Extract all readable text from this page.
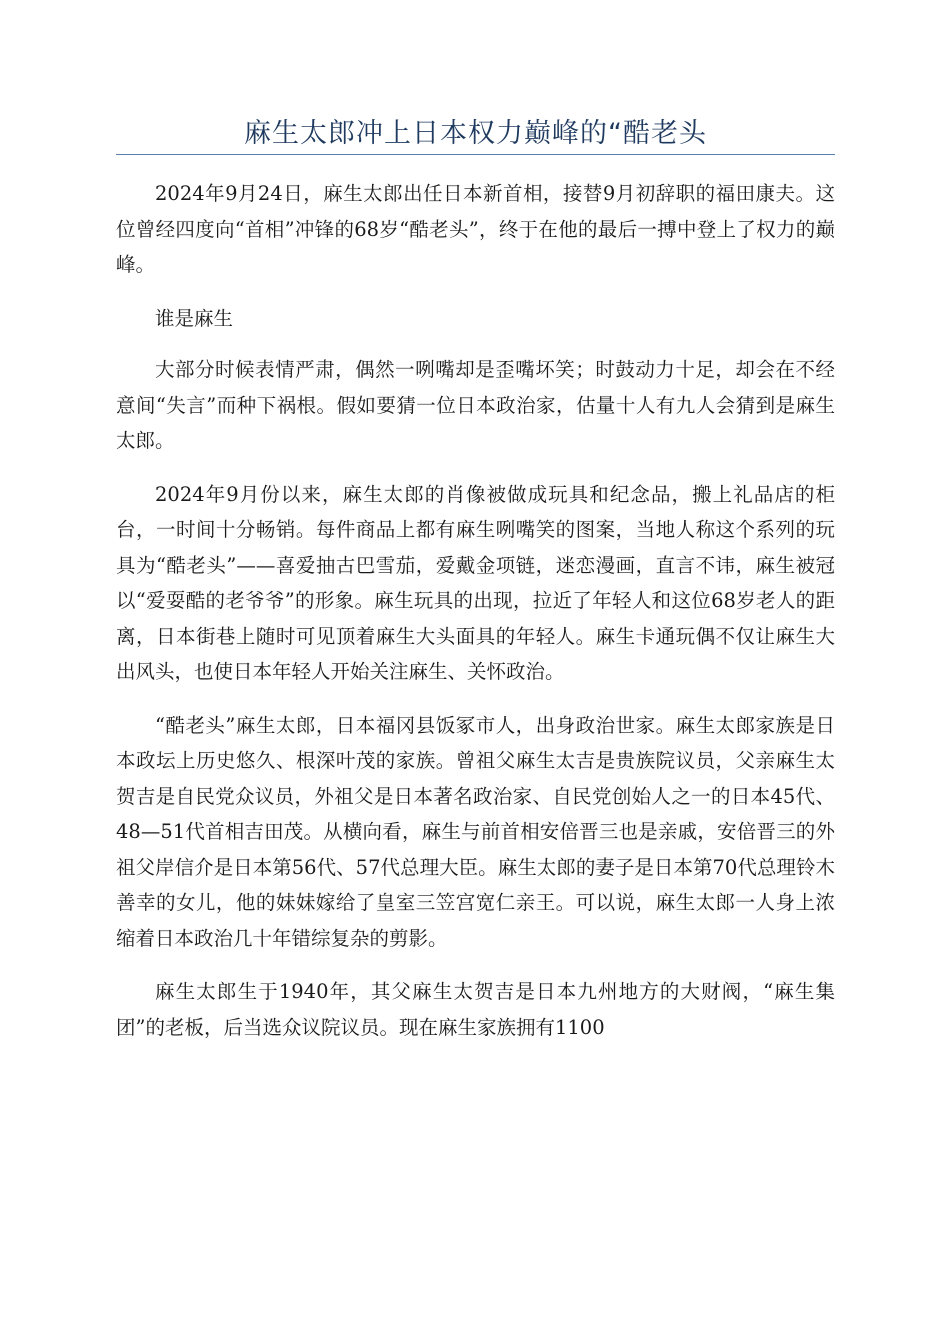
麻生太郎冲上日本权力巅峰的“酷老头

2024年9月24日，麻生太郎出任日本新首相，接替9月初辞职的福田康夫。这位曾经四度向“首相”冲锋的68岁“酷老头”，终于在他的最后一搏中登上了权力的巅峰。

谁是麻生

大部分时候表情严肃，偶然一咧嘴却是歪嘴坏笑；时鼓动力十足，却会在不经意间“失言”而种下祸根。假如要猜一位日本政治家，估量十人有九人会猜到是麻生太郎。

2024年9月份以来，麻生太郎的肖像被做成玩具和纪念品，搬上礼品店的柜台，一时间十分畅销。每件商品上都有麻生咧嘴笑的图案，当地人称这个系列的玩具为“酷老头”——喜爱抽古巴雪茄，爱戴金项链，迷恋漫画，直言不讳，麻生被冠以“爱耍酷的老爷爷”的形象。麻生玩具的出现，拉近了年轻人和这位68岁老人的距离，日本街巷上随时可见顶着麻生大头面具的年轻人。麻生卡通玩偶不仅让麻生大出风头，也使日本年轻人开始关注麻生、关怀政治。

“酷老头”麻生太郎，日本福冈县饭冢市人，出身政治世家。麻生太郎家族是日本政坛上历史悠久、根深叶茂的家族。曾祖父麻生太吉是贵族院议员，父亲麻生太贺吉是自民党众议员，外祖父是日本著名政治家、自民党创始人之一的日本45代、48—51代首相吉田茂。从横向看，麻生与前首相安倍晋三也是亲戚，安倍晋三的外祖父岸信介是日本第56代、57代总理大臣。麻生太郎的妻子是日本第70代总理铃木善幸的女儿，他的妹妹嫁给了皇室三笠宫宽仁亲王。可以说，麻生太郎一人身上浓缩着日本政治几十年错综复杂的剪影。

麻生太郎生于1940年，其父麻生太贺吉是日本九州地方的大财阀，“麻生集团”的老板，后当选众议院议员。现在麻生家族拥有1100
